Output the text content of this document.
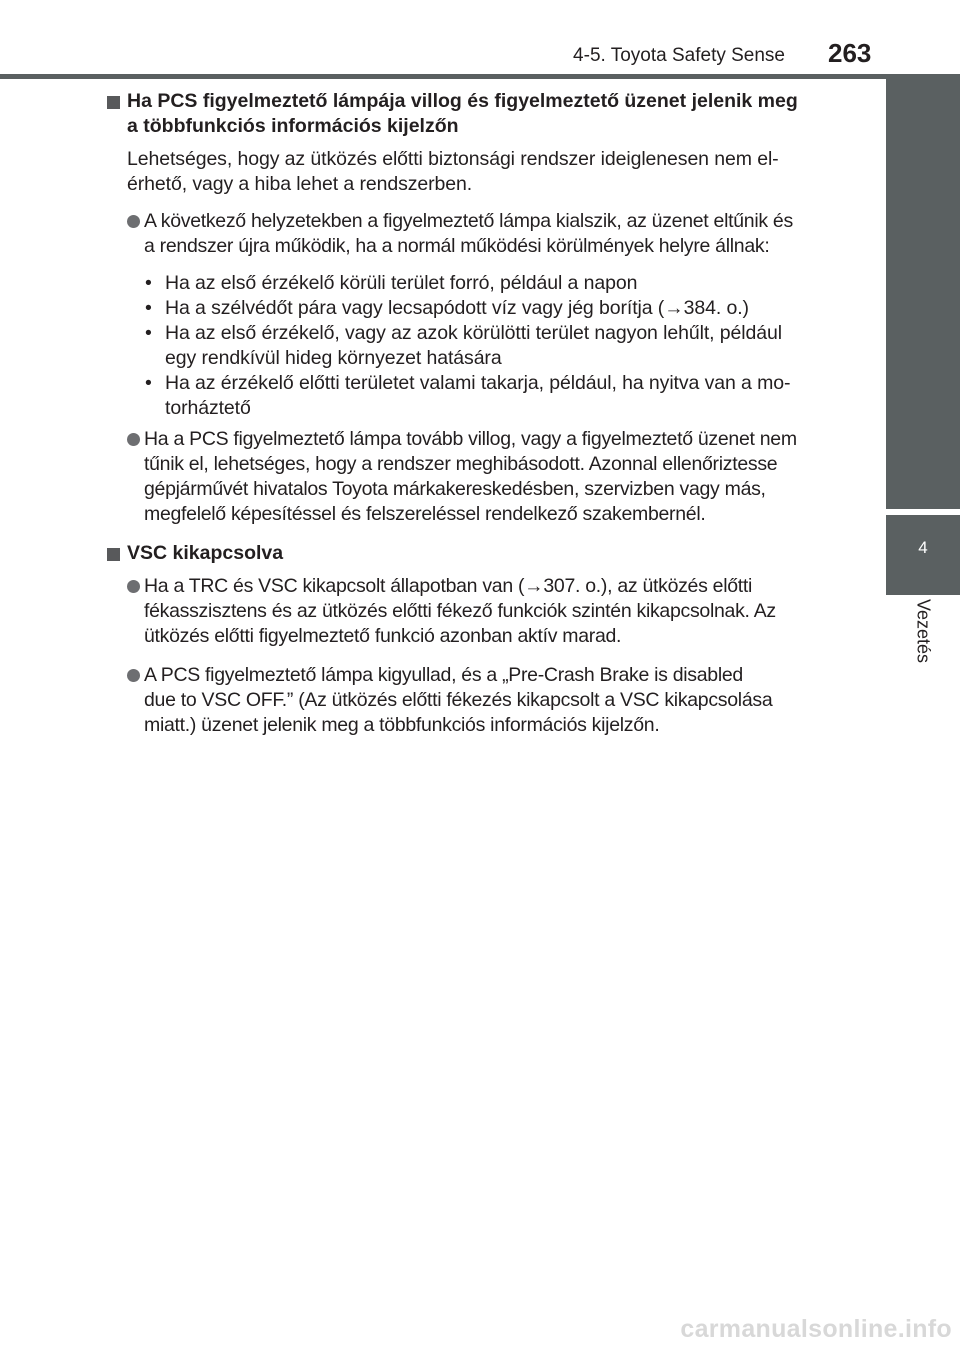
4-5. Toyota Safety Sense 263
4
Vezetés
Ha PCS figyelmeztető lámpája villog és figyelmeztető üzenet jelenik meg
a többfunkciós információs kijelzőn
Lehetséges, hogy az ütközés előtti biztonsági rendszer ideiglenesen nem el-
érhető, vagy a hiba lehet a rendszerben.
A következő helyzetekben a figyelmeztető lámpa kialszik, az üzenet eltűnik és
a rendszer újra működik, ha a normál működési körülmények helyre állnak:
• Ha az első érzékelő körüli terület forró, például a napon
• Ha a szélvédőt pára vagy lecsapódott víz vagy jég borítja (→384. o.)
• Ha az első érzékelő, vagy az azok körülötti terület nagyon lehűlt, például
egy rendkívül hideg környezet hatására
• Ha az érzékelő előtti területet valami takarja, például, ha nyitva van a mo-
torháztető
Ha a PCS figyelmeztető lámpa tovább villog, vagy a figyelmeztető üzenet nem
tűnik el, lehetséges, hogy a rendszer meghibásodott. Azonnal ellenőriztesse
gépjárművét hivatalos Toyota márkakereskedésben, szervizben vagy más,
megfelelő képesítéssel és felszereléssel rendelkező szakembernél.
VSC kikapcsolva
Ha a TRC és VSC kikapcsolt állapotban van (→307. o.), az ütközés előtti
fékasszisztens és az ütközés előtti fékező funkciók szintén kikapcsolnak. Az
ütközés előtti figyelmeztető funkció azonban aktív marad.
A PCS figyelmeztető lámpa kigyullad, és a „Pre-Crash Brake is disabled
due to VSC OFF.” (Az ütközés előtti fékezés kikapcsolt a VSC kikapcsolása
miatt.) üzenet jelenik meg a többfunkciós információs kijelzőn.
carmanualsonline.info
